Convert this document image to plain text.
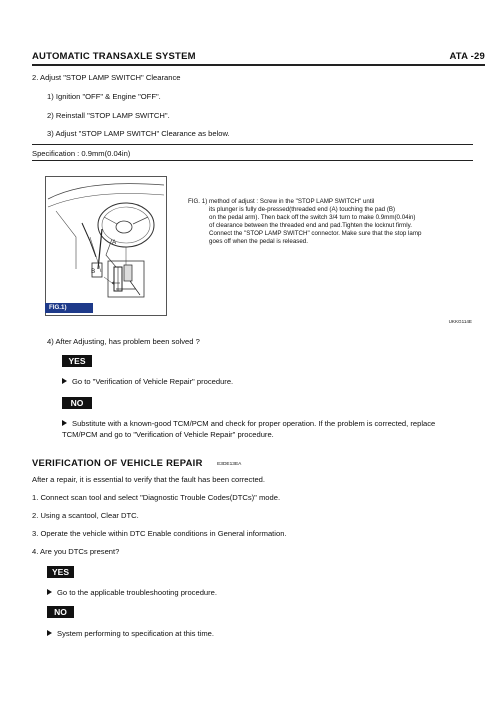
AUTOMATIC TRANSAXLE SYSTEM	ATA -29
2. Adjust "STOP LAMP SWITCH" Clearance
1) Ignition "OFF" & Engine "OFF".
2) Reinstall "STOP LAMP SWITCH".
3) Adjust "STOP LAMP SWITCH" Clearance as below.
Specification : 0.9mm(0.04in)
A
B
FIG.1)
FIG. 1) method of adjust : Screw in the "STOP LAMP SWITCH" until
its plunger is fully de-pressed(threaded end (A) touching the pad (B)
on the pedal arm). Then back off the switch 3/4 turn to make 0.9mm(0.04in)
of clearance between the threaded end and pad.Tighten the locknut firmly.
Connect the "STOP LAMP SWITCH" connector. Make sure that the stop lamp
goes off when the pedal is released.
UKKG114E
4) After Adjusting, has problem been solved ?
YES
Go to "Verification of Vehicle Repair" procedure.
NO
Substitute with a known-good TCM/PCM and check for proper operation. If the problem is corrected, replace
TCM/PCM and go to "Verification of Vehicle Repair" procedure.
VERIFICATION OF VEHICLE REPAIR	E3DE13EA
After a repair, it is essential to verify that the fault has been corrected.
1. Connect scan tool and select "Diagnostic Trouble Codes(DTCs)" mode.
2. Using a scantool, Clear DTC.
3. Operate the vehicle within DTC Enable conditions in General information.
4. Are you DTCs present?
YES
Go to the applicable troubleshooting procedure.
NO
System performing to specification at this time.
